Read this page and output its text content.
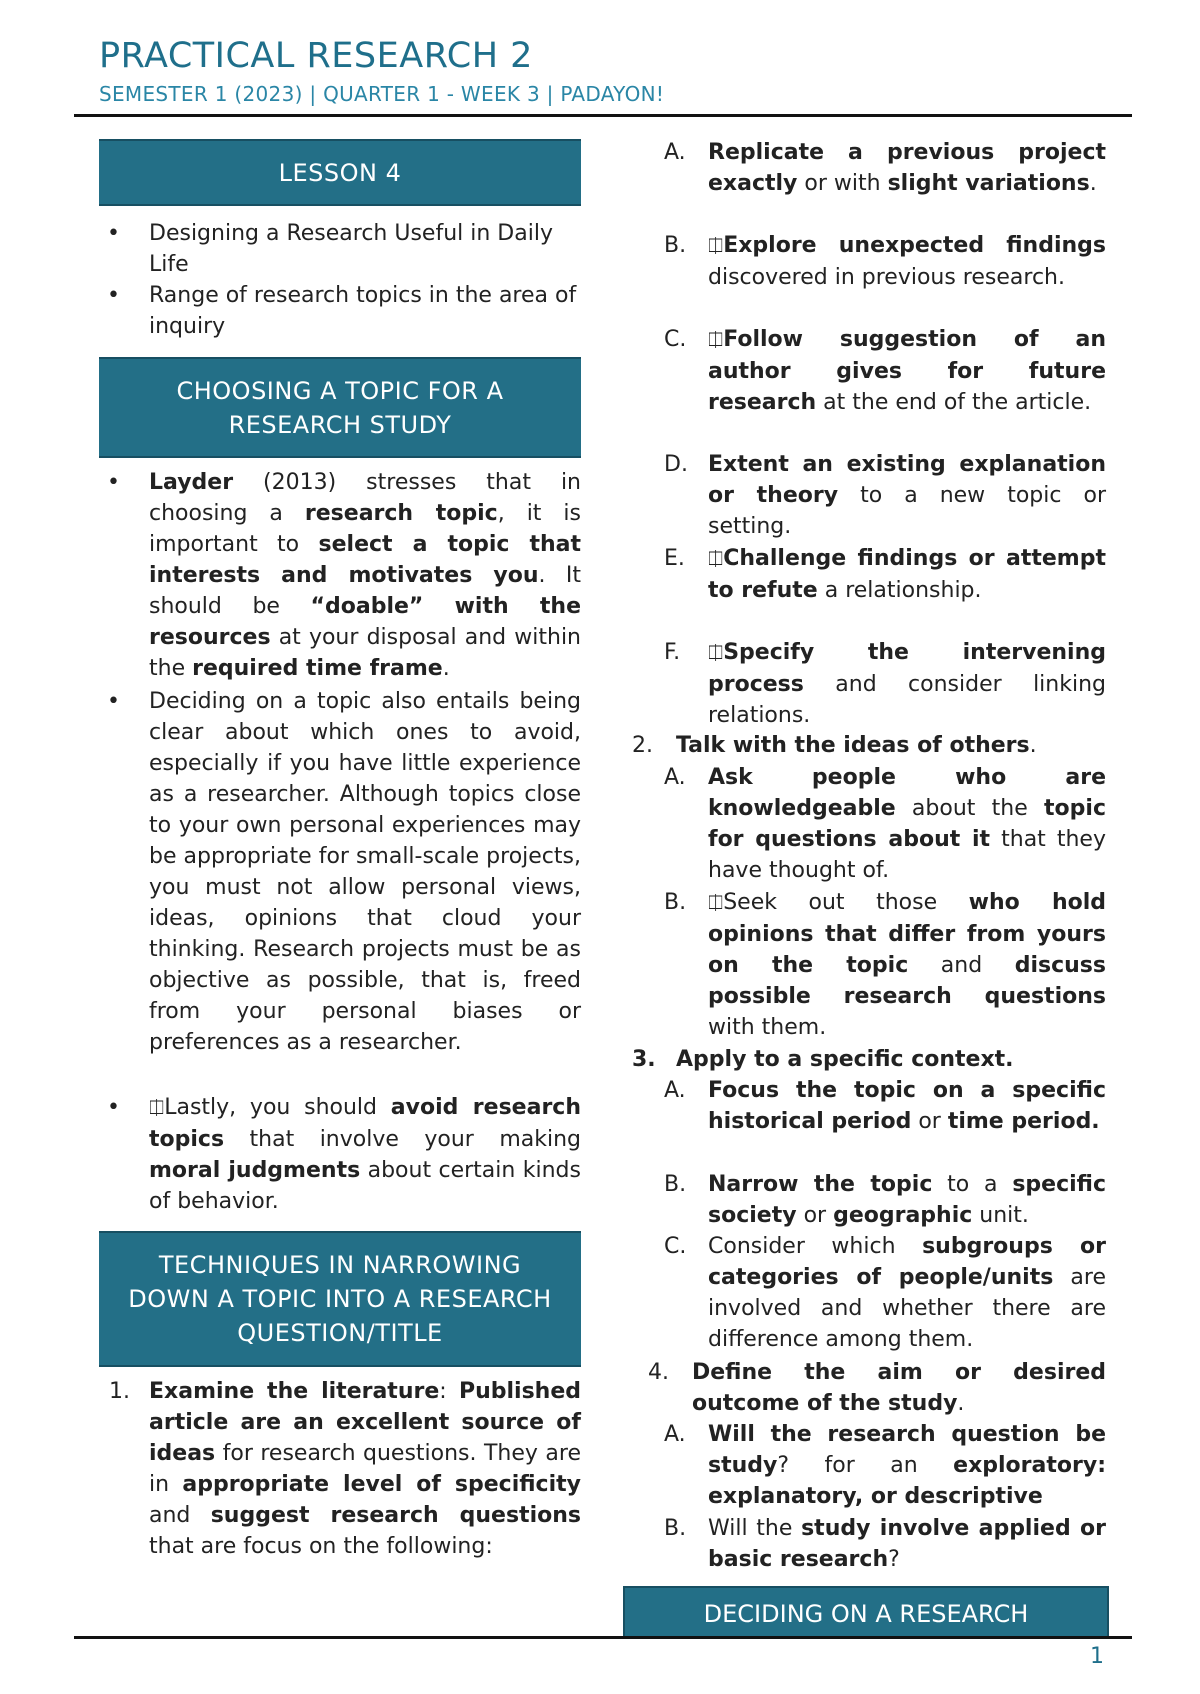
PRACTICAL RESEARCH 2
SEMESTER 1 (2023) | QUARTER 1 - WEEK 3 | PADAYON!
LESSON 4
• Designing a Research Useful in Daily Life
• Range of research topics in the area of inquiry
CHOOSING A TOPIC FOR A RESEARCH STUDY
• Layder (2013) stresses that in choosing a research topic, it is important to select a topic that interests and motivates you. It should be “doable” with the resources at your disposal and within the required time frame.
• Deciding on a topic also entails being clear about which ones to avoid, especially if you have little experience as a researcher. Although topics close to your own personal experiences may be appropriate for small-scale projects, you must not allow personal views, ideas, opinions that cloud your thinking. Research projects must be as objective as possible, that is, freed from your personal biases or preferences as a researcher.
• ⎅Lastly, you should avoid research topics that involve your making moral judgments about certain kinds of behavior.
TECHNIQUES IN NARROWING DOWN A TOPIC INTO A RESEARCH QUESTION/TITLE
1. Examine the literature: Published article are an excellent source of ideas for research questions. They are in appropriate level of specificity and suggest research questions that are focus on the following:
A. Replicate a previous project exactly or with slight variations.
B. ⎅Explore unexpected findings discovered in previous research.
C. ⎅Follow suggestion of an author gives for future research at the end of the article.
D. Extent an existing explanation or theory to a new topic or setting.
E. ⎅Challenge findings or attempt to refute a relationship.
F. ⎅Specify the intervening process and consider linking relations.
2. Talk with the ideas of others.
A. Ask people who are knowledgeable about the topic for questions about it that they have thought of.
B. ⎅Seek out those who hold opinions that differ from yours on the topic and discuss possible research questions with them.
3. Apply to a specific context.
A. Focus the topic on a specific historical period or time period.
B. Narrow the topic to a specific society or geographic unit.
C. Consider which subgroups or categories of people/units are involved and whether there are difference among them.
4. Define the aim or desired outcome of the study.
A. Will the research question be study? for an exploratory: explanatory, or descriptive
B. Will the study involve applied or basic research?
DECIDING ON A RESEARCH
1
